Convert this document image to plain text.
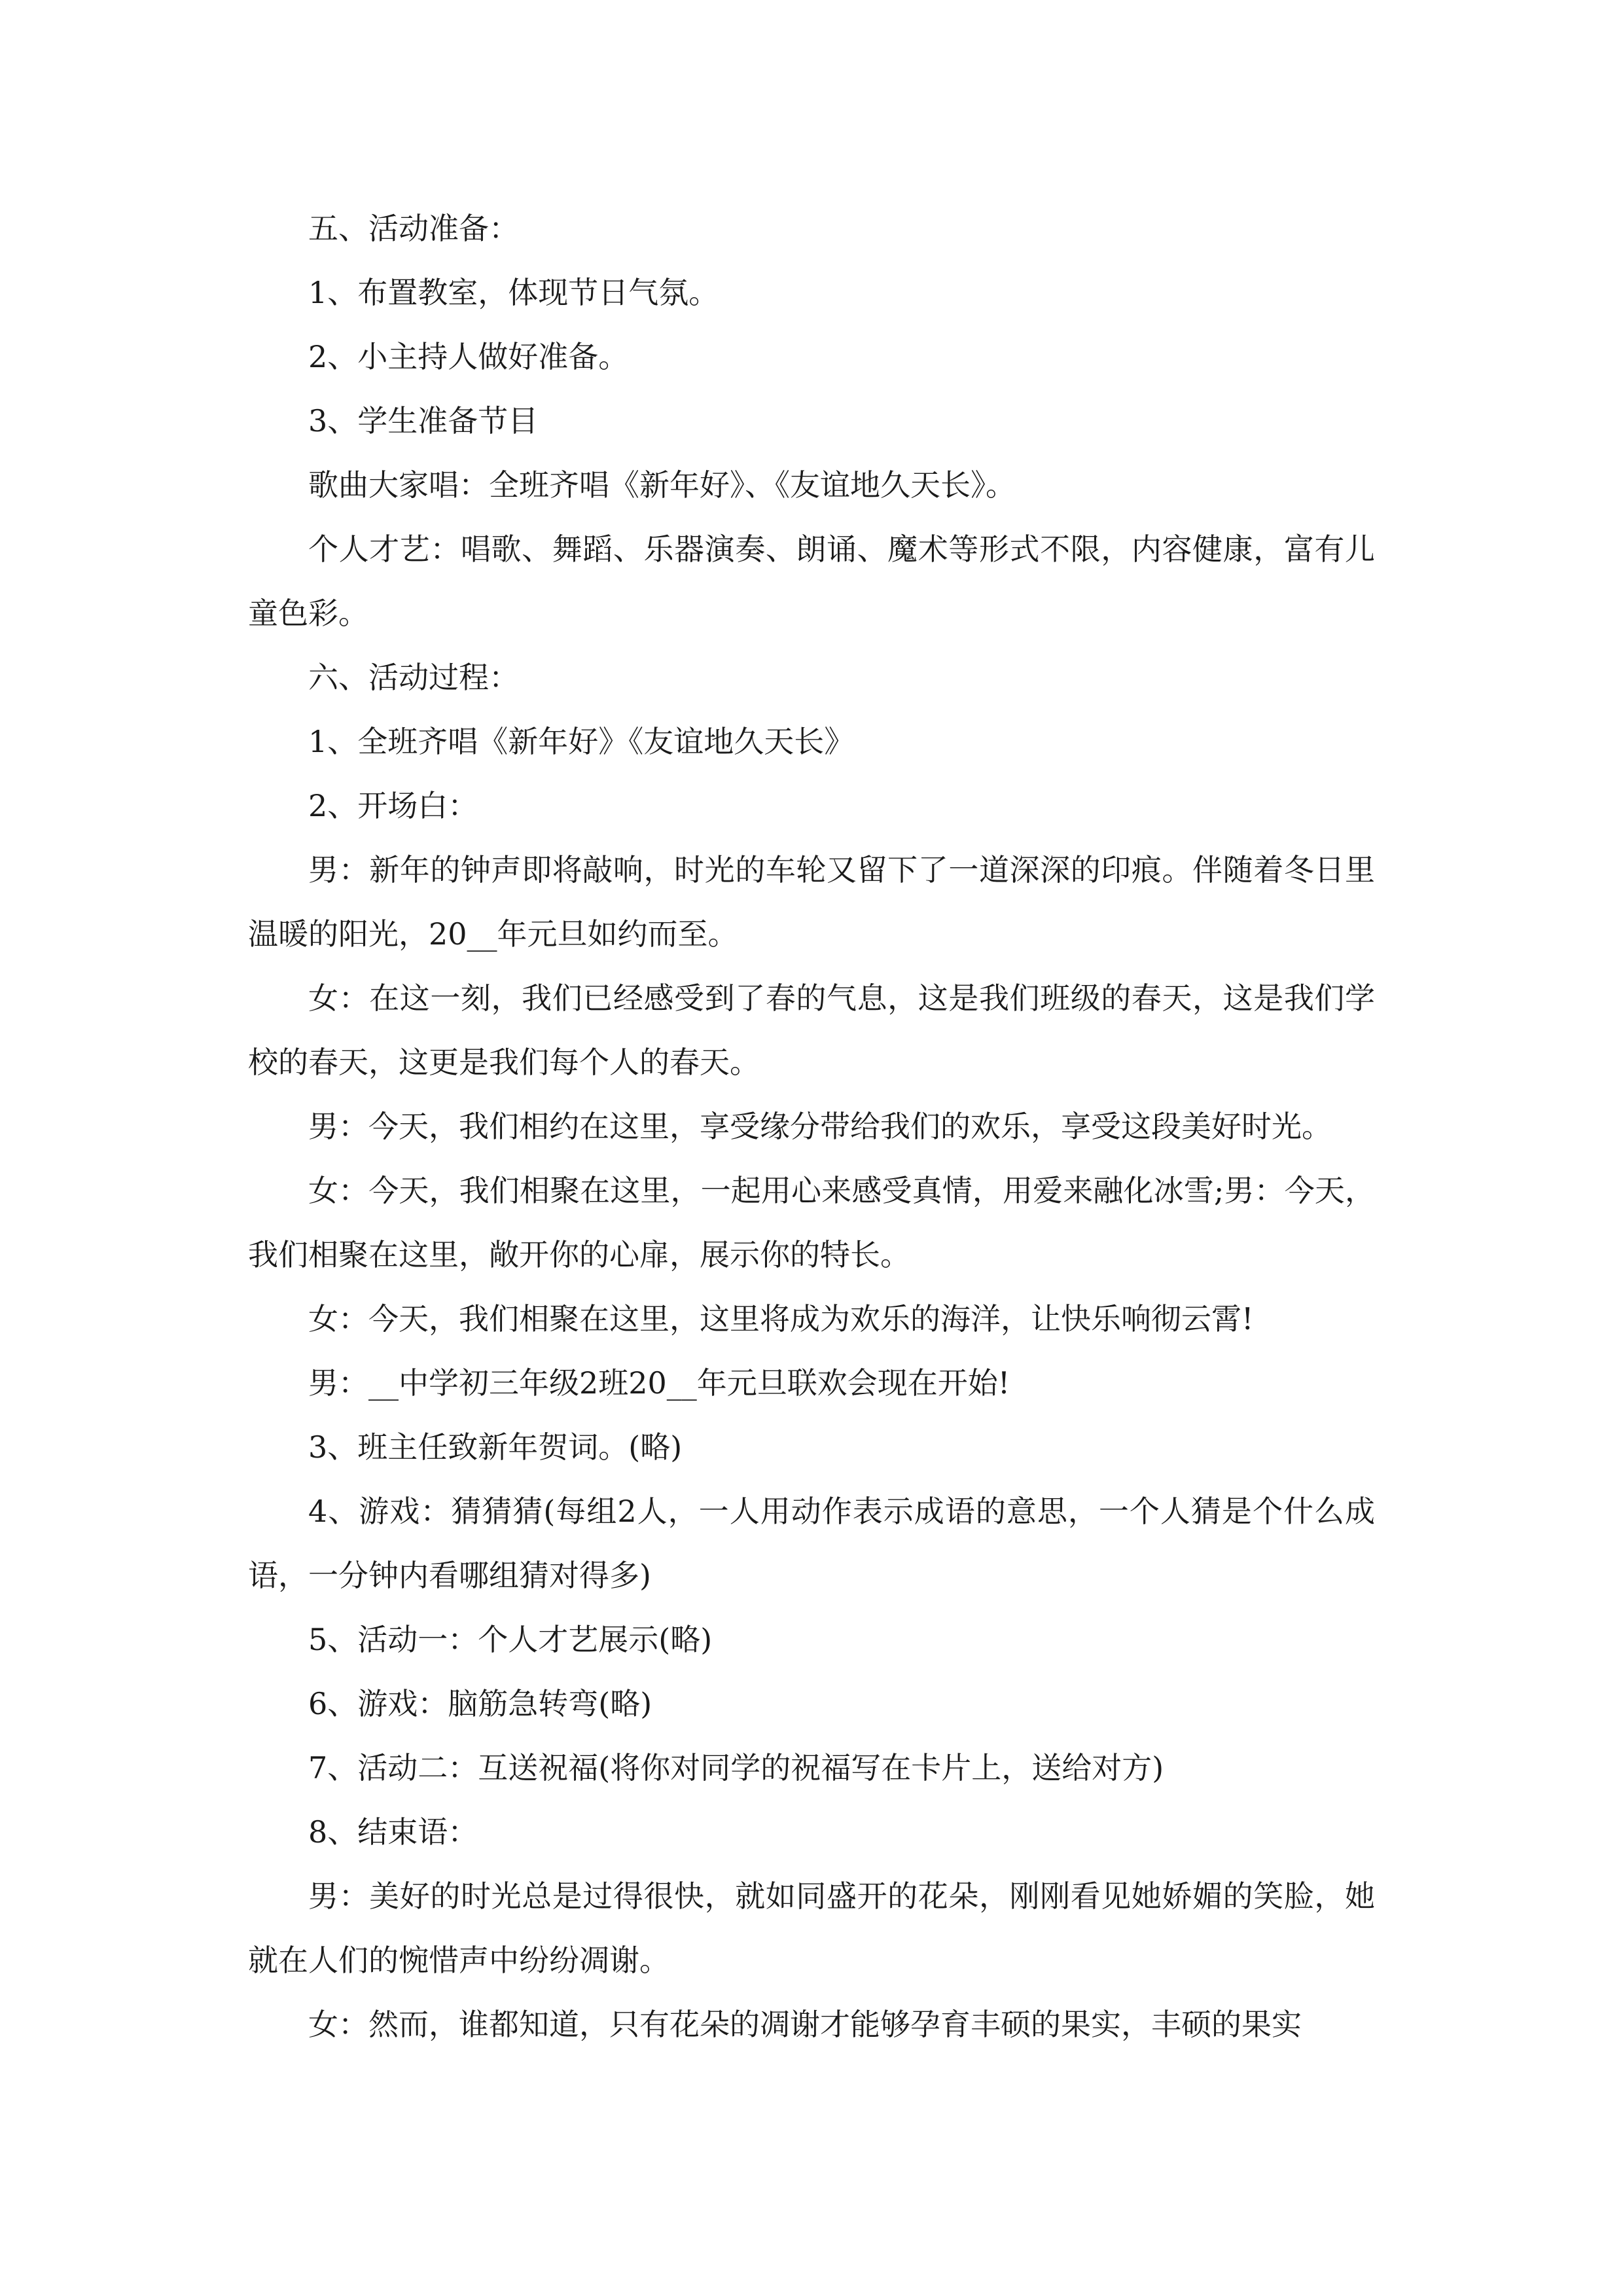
五、活动准备：

1、布置教室，体现节日气氛。

2、小主持人做好准备。

3、学生准备节目

歌曲大家唱：全班齐唱《新年好》、《友谊地久天长》。

个人才艺：唱歌、舞蹈、乐器演奏、朗诵、魔术等形式不限，内容健康，富有儿童色彩。

六、活动过程：

1、全班齐唱《新年好》《友谊地久天长》

2、开场白：

男：新年的钟声即将敲响，时光的车轮又留下了一道深深的印痕。伴随着冬日里温暖的阳光，20__年元旦如约而至。

女：在这一刻，我们已经感受到了春的气息，这是我们班级的春天，这是我们学校的春天，这更是我们每个人的春天。

男：今天，我们相约在这里，享受缘分带给我们的欢乐，享受这段美好时光。

女：今天，我们相聚在这里，一起用心来感受真情，用爱来融化冰雪;男：今天，我们相聚在这里，敞开你的心扉，展示你的特长。

女：今天，我们相聚在这里，这里将成为欢乐的海洋，让快乐响彻云霄!

男：__中学初三年级2班20__年元旦联欢会现在开始!

3、班主任致新年贺词。(略)

4、游戏：猜猜猜(每组2人，一人用动作表示成语的意思，一个人猜是个什么成语，一分钟内看哪组猜对得多)

5、活动一：个人才艺展示(略)

6、游戏：脑筋急转弯(略)

7、活动二：互送祝福(将你对同学的祝福写在卡片上，送给对方)

8、结束语：

男：美好的时光总是过得很快，就如同盛开的花朵，刚刚看见她娇媚的笑脸，她就在人们的惋惜声中纷纷凋谢。

女：然而，谁都知道，只有花朵的凋谢才能够孕育丰硕的果实，丰硕的果实
